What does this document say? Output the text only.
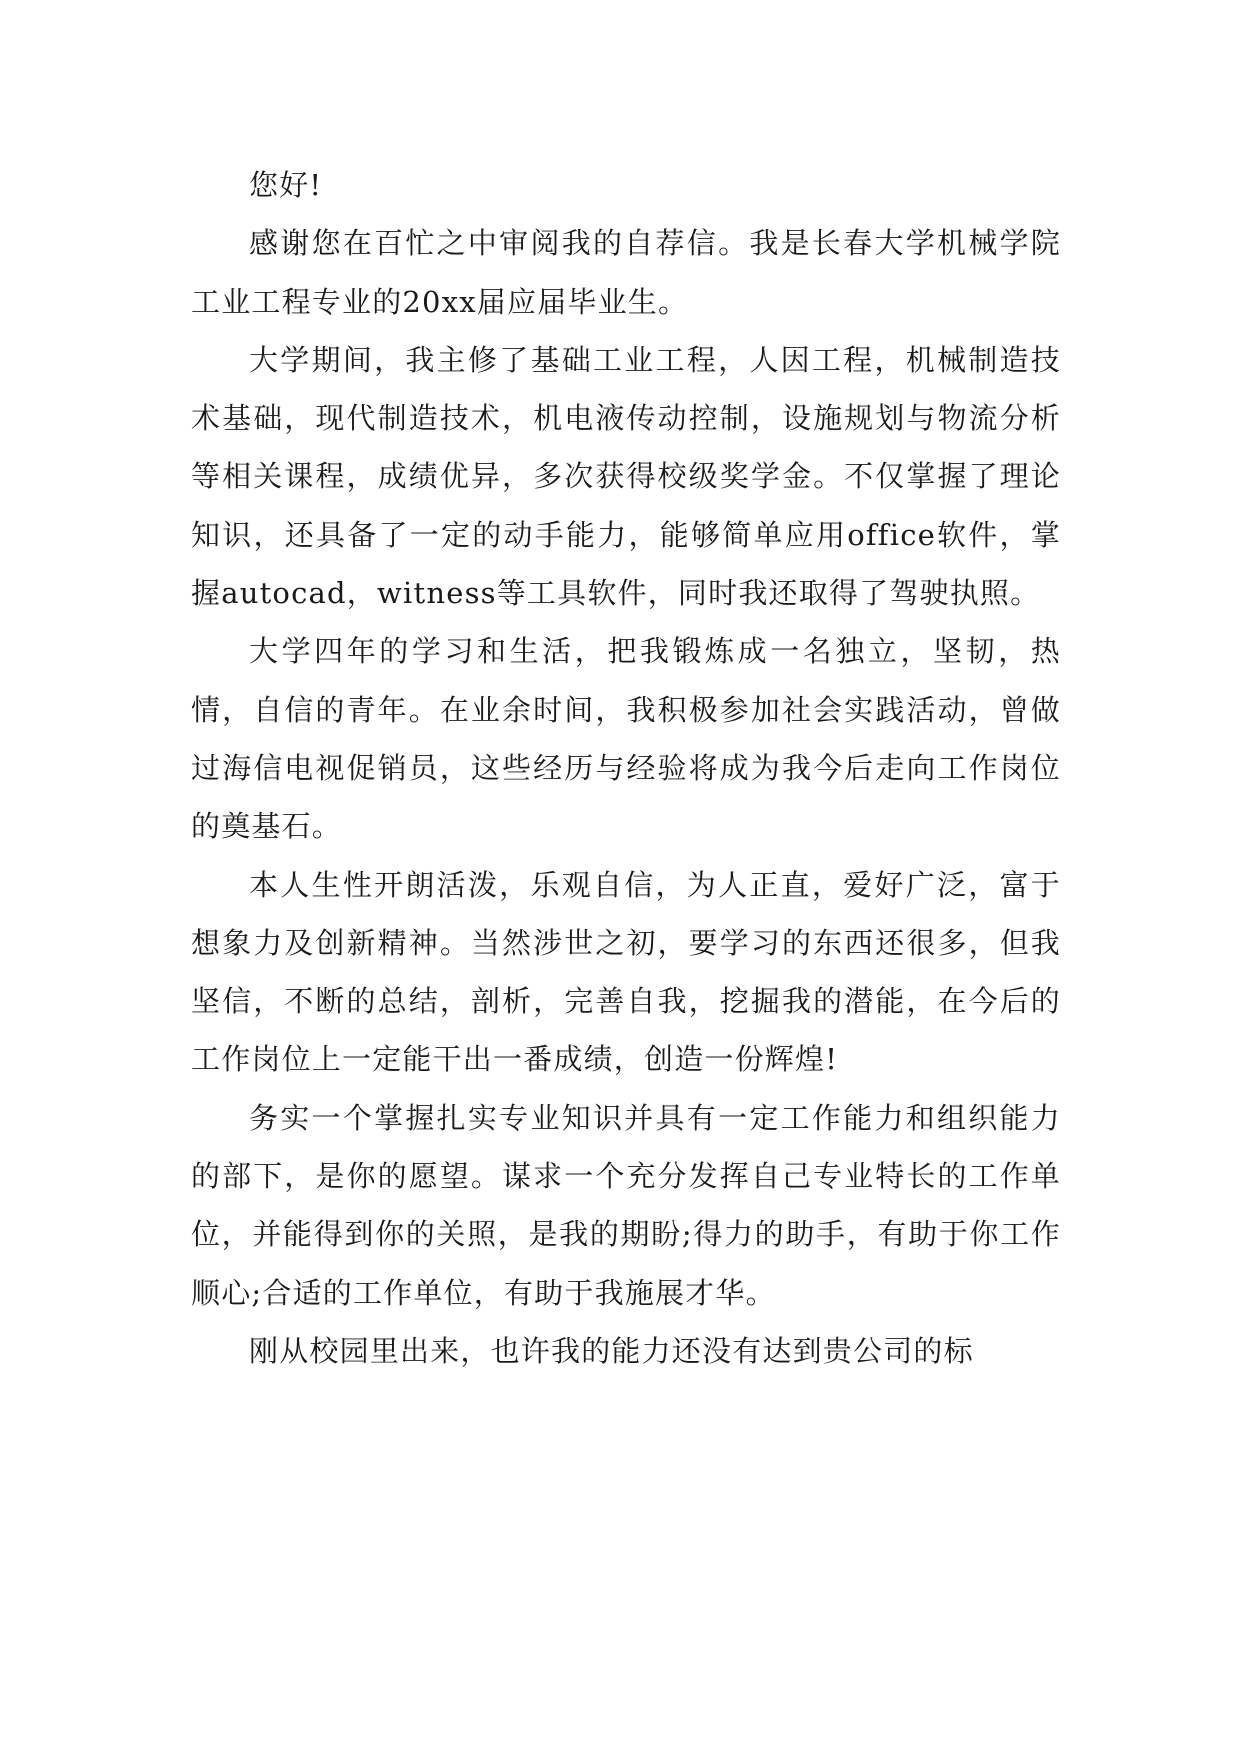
您好!

感谢您在百忙之中审阅我的自荐信。我是长春大学机械学院工业工程专业的20xx届应届毕业生。

大学期间，我主修了基础工业工程，人因工程，机械制造技术基础，现代制造技术，机电液传动控制，设施规划与物流分析等相关课程，成绩优异，多次获得校级奖学金。不仅掌握了理论知识，还具备了一定的动手能力，能够简单应用office软件，掌握autocad，witness等工具软件，同时我还取得了驾驶执照。

大学四年的学习和生活，把我锻炼成一名独立，坚韧，热情，自信的青年。在业余时间，我积极参加社会实践活动，曾做过海信电视促销员，这些经历与经验将成为我今后走向工作岗位的奠基石。

本人生性开朗活泼，乐观自信，为人正直，爱好广泛，富于想象力及创新精神。当然涉世之初，要学习的东西还很多，但我坚信，不断的总结，剖析，完善自我，挖掘我的潜能，在今后的工作岗位上一定能干出一番成绩，创造一份辉煌!

务实一个掌握扎实专业知识并具有一定工作能力和组织能力的部下，是你的愿望。谋求一个充分发挥自己专业特长的工作单位，并能得到你的关照，是我的期盼;得力的助手，有助于你工作顺心;合适的工作单位，有助于我施展才华。

刚从校园里出来，也许我的能力还没有达到贵公司的标
